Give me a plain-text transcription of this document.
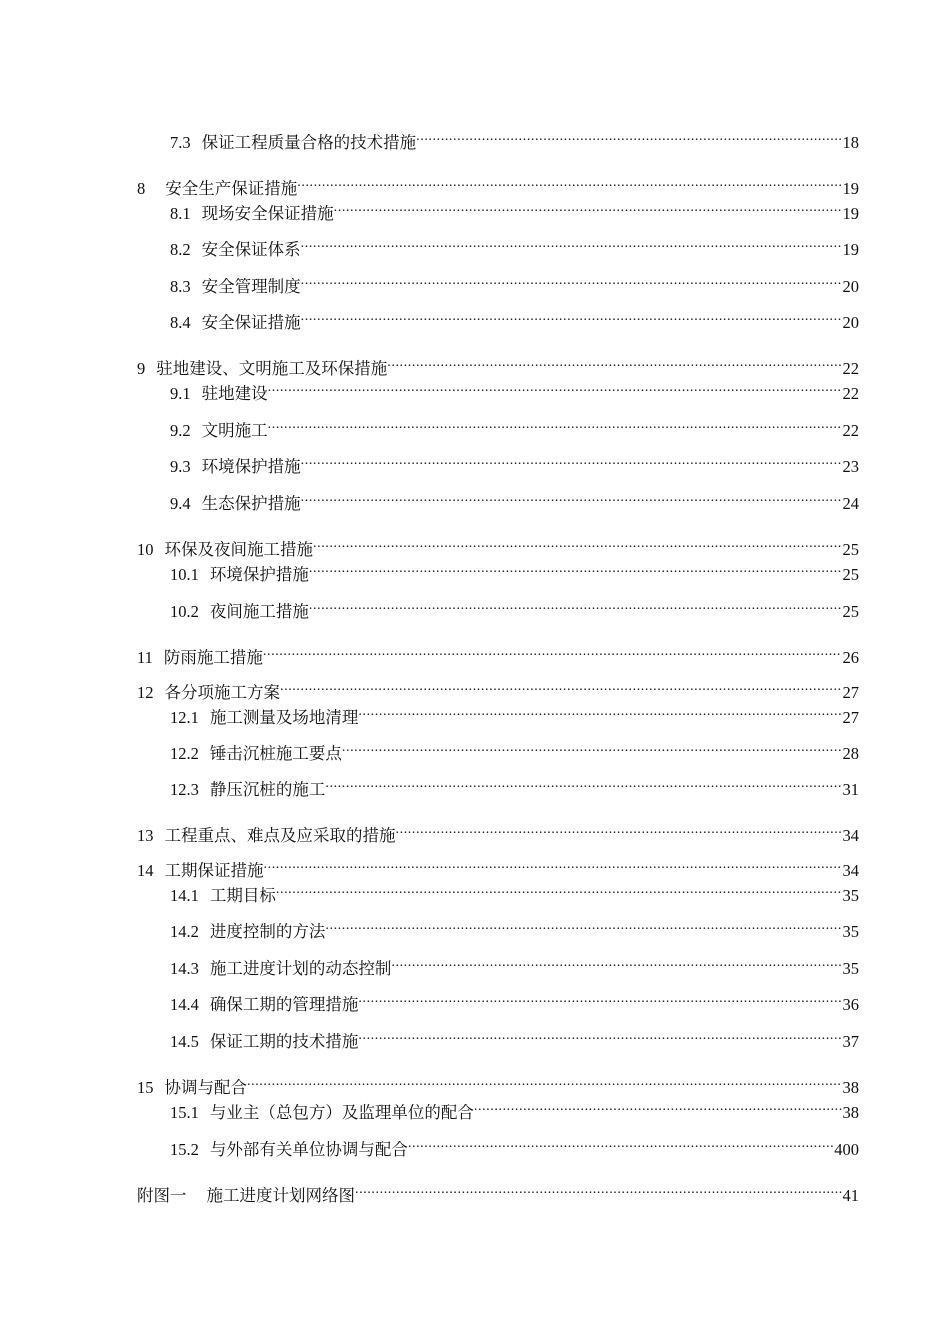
7.3 保证工程质量合格的技术措施 .....	18
8 安全生产保证措施 .....	19
8.1 现场安全保证措施 .....	19
8.2 安全保证体系 .....	19
8.3 安全管理制度 .....	20
8.4 安全保证措施 .....	20
9 驻地建设、文明施工及环保措施 .....	22
9.1 驻地建设 .....	22
9.2 文明施工 .....	22
9.3 环境保护措施 .....	23
9.4 生态保护措施 .....	24
10 环保及夜间施工措施 .....	25
10.1 环境保护措施 .....	25
10.2 夜间施工措施 .....	25
11 防雨施工措施 .....	26
12 各分项施工方案 .....	27
12.1 施工测量及场地清理 .....	27
12.2 锤击沉桩施工要点 .....	28
12.3 静压沉桩的施工 .....	31
13 工程重点、难点及应采取的措施 .....	34
14 工期保证措施 .....	34
14.1 工期目标 .....	35
14.2 进度控制的方法 .....	35
14.3 施工进度计划的动态控制 .....	35
14.4 确保工期的管理措施 .....	36
14.5 保证工期的技术措施 .....	37
15 协调与配合 .....	38
15.1 与业主（总包方）及监理单位的配合 .....	38
15.2 与外部有关单位协调与配合 .....	400
附图一 施工进度计划网络图 .....	41
